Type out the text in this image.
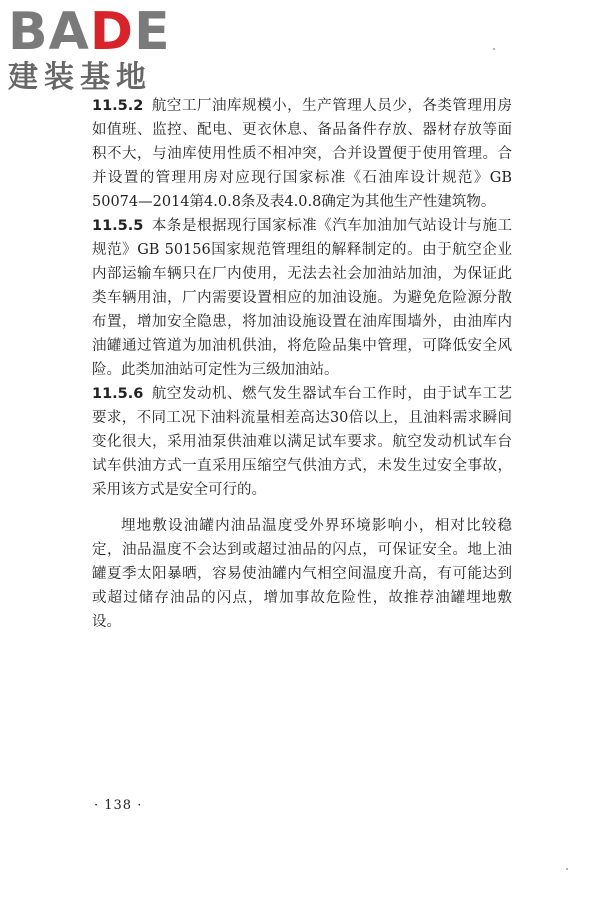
BADE
建装基地

11.5.2 航空工厂油库规模小，生产管理人员少，各类管理用房如值班、监控、配电、更衣休息、备品备件存放、器材存放等面积不大，与油库使用性质不相冲突，合并设置便于使用管理。合并设置的管理用房对应现行国家标准《石油库设计规范》GB 50074—2014第4.0.8条及表4.0.8确定为其他生产性建筑物。

11.5.5 本条是根据现行国家标准《汽车加油加气站设计与施工规范》GB 50156国家规范管理组的解释制定的。由于航空企业内部运输车辆只在厂内使用，无法去社会加油站加油，为保证此类车辆用油，厂内需要设置相应的加油设施。为避免危险源分散布置，增加安全隐患，将加油设施设置在油库围墙外，由油库内油罐通过管道为加油机供油，将危险品集中管理，可降低安全风险。此类加油站可定性为三级加油站。

11.5.6 航空发动机、燃气发生器试车台工作时，由于试车工艺要求，不同工况下油料流量相差高达30倍以上，且油料需求瞬间变化很大，采用油泵供油难以满足试车要求。航空发动机试车台试车供油方式一直采用压缩空气供油方式，未发生过安全事故，采用该方式是安全可行的。

埋地敷设油罐内油品温度受外界环境影响小，相对比较稳定，油品温度不会达到或超过油品的闪点，可保证安全。地上油罐夏季太阳暴晒，容易使油罐内气相空间温度升高，有可能达到或超过储存油品的闪点，增加事故危险性，故推荐油罐埋地敷设。

· 138 ·
